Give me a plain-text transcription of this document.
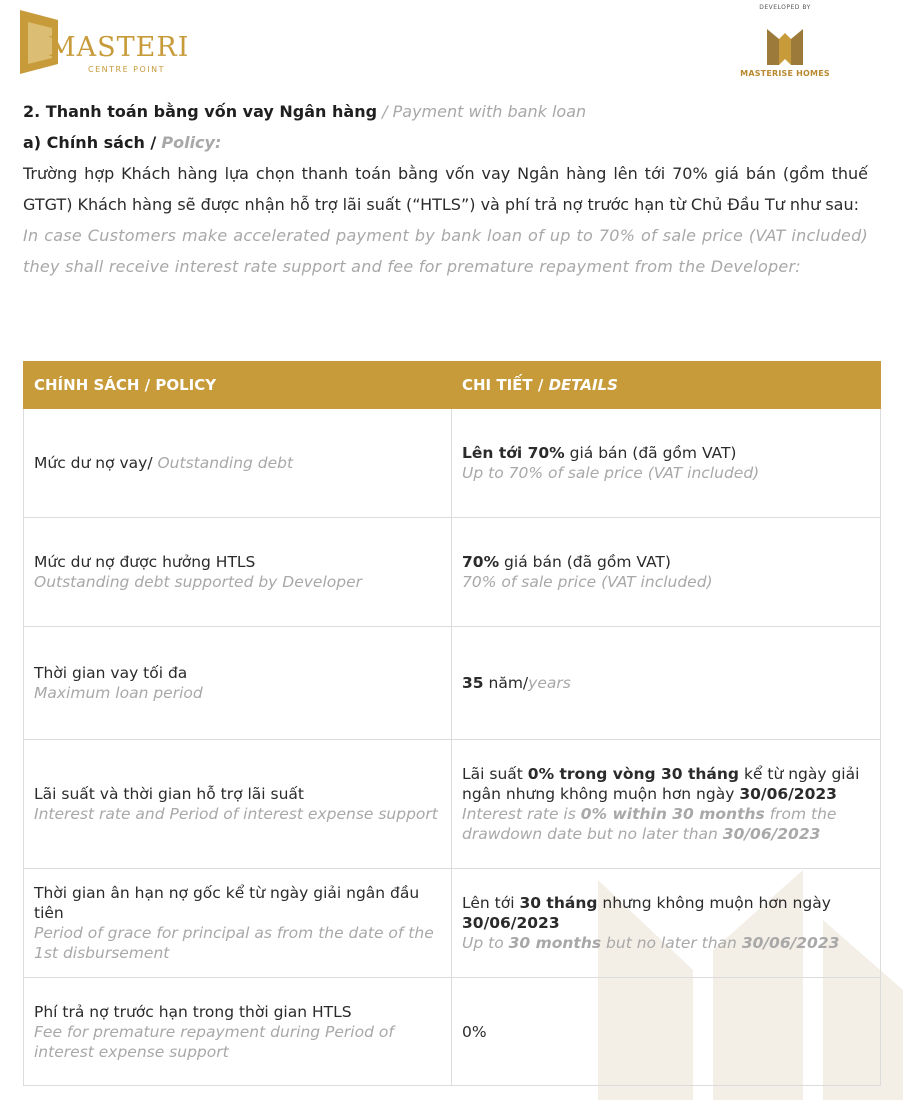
MASTERI
CENTRE POINT
DEVELOPED BY
MASTERISE HOMES

2. Thanh toán bằng vốn vay Ngân hàng / Payment with bank loan

a) Chính sách / Policy:

Trường hợp Khách hàng lựa chọn thanh toán bằng vốn vay Ngân hàng lên tới 70% giá bán (gồm thuế GTGT) Khách hàng sẽ được nhận hỗ trợ lãi suất (“HTLS”) và phí trả nợ trước hạn từ Chủ Đầu Tư như sau:

In case Customers make accelerated payment by bank loan of up to 70% of sale price (VAT included) they shall receive interest rate support and fee for premature repayment from the Developer:

CHÍNH SÁCH / POLICY	CHI TIẾT / DETAILS
Mức dư nợ vay/ Outstanding debt	Lên tới 70% giá bán (đã gồm VAT)
Up to 70% of sale price (VAT included)

Mức dư nợ được hưởng HTLS
Outstanding debt supported by Developer	70% giá bán (đã gồm VAT)
70% of sale price (VAT included)

Thời gian vay tối đa
Maximum loan period	35 năm/years

Lãi suất và thời gian hỗ trợ lãi suất
Interest rate and Period of interest expense support	Lãi suất 0% trong vòng 30 tháng kể từ ngày giải ngân nhưng không muộn hơn ngày 30/06/2023
Interest rate is 0% within 30 months from the drawdown date but no later than 30/06/2023

Thời gian ân hạn nợ gốc kể từ ngày giải ngân đầu tiên
Period of grace for principal as from the date of the 1st disbursement	Lên tới 30 tháng nhưng không muộn hơn ngày 30/06/2023
Up to 30 months but no later than 30/06/2023

Phí trả nợ trước hạn trong thời gian HTLS
Fee for premature repayment during Period of interest expense support	0%
